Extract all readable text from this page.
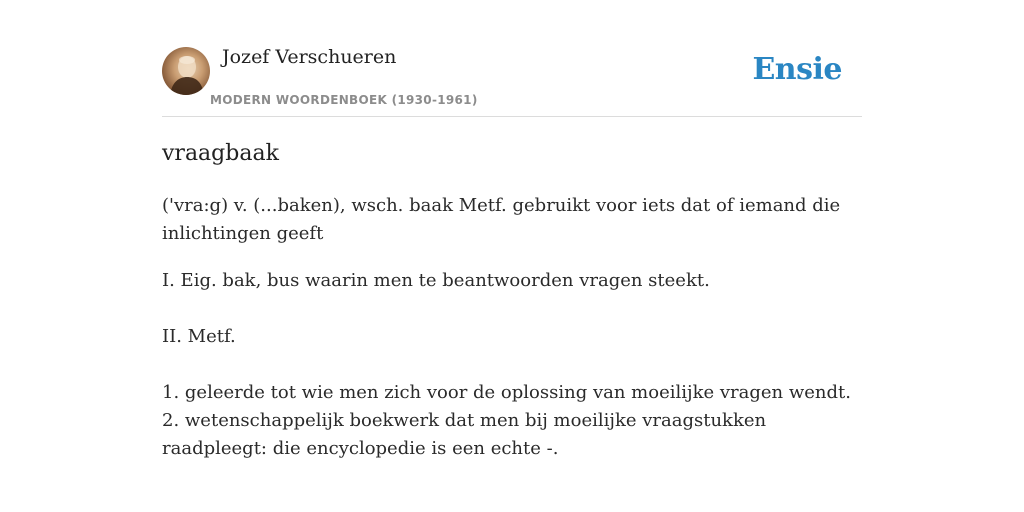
Jozef Verschueren
MODERN WOORDENBOEK (1930-1961)
Ensie
vraagbaak
('vra:g) v. (...baken), wsch. baak Metf. gebruikt voor iets dat of iemand die inlichtingen geeft
I. Eig. bak, bus waarin men te beantwoorden vragen steekt.
II. Metf.
1. geleerde tot wie men zich voor de oplossing van moeilijke vragen wendt.
2. wetenschappelijk boekwerk dat men bij moeilijke vraagstukken raadpleegt: die encyclopedie is een echte -.
